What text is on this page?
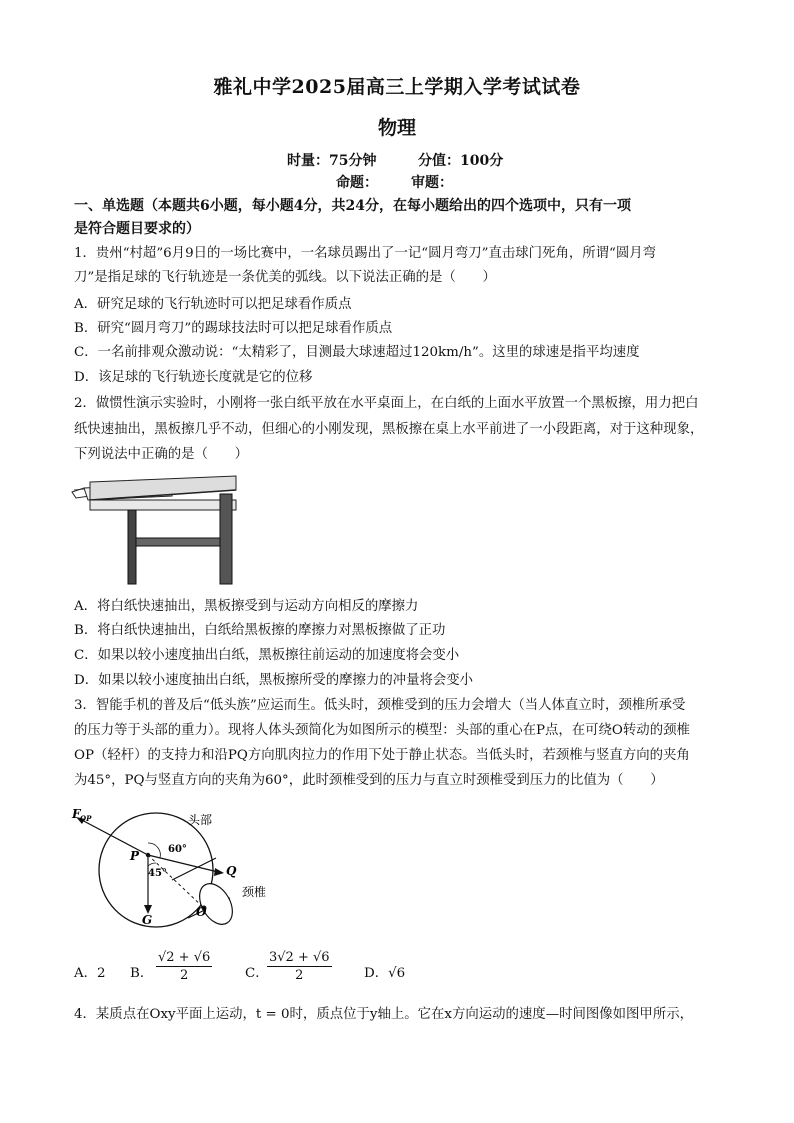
雅礼中学2025届高三上学期入学考试试卷
物理
时量：75分钟	分值：100分
命题： 审题：
一、单选题（本题共6小题，每小题4分，共24分，在每小题给出的四个选项中，只有一项
是符合题目要求的）
1．贵州“村超”6月9日的一场比赛中，一名球员踢出了一记“圆月弯刀”直击球门死角，所谓“圆月弯
刀”是指足球的飞行轨迹是一条优美的弧线。以下说法正确的是（　　）
A．研究足球的飞行轨迹时可以把足球看作质点
B．研究“圆月弯刀”的踢球技法时可以把足球看作质点
C．一名前排观众激动说：“太精彩了，目测最大球速超过120km/h”。这里的球速是指平均速度
D．该足球的飞行轨迹长度就是它的位移
2．做惯性演示实验时，小刚将一张白纸平放在水平桌面上，在白纸的上面水平放置一个黑板擦，用力把白
纸快速抽出，黑板擦几乎不动，但细心的小刚发现，黑板擦在桌上水平前进了一小段距离，对于这种现象，
下列说法中正确的是（　　）
A．将白纸快速抽出，黑板擦受到与运动方向相反的摩擦力
B．将白纸快速抽出，白纸给黑板擦的摩擦力对黑板擦做了正功
C．如果以较小速度抽出白纸，黑板擦往前运动的加速度将会变小
D．如果以较小速度抽出白纸，黑板擦所受的摩擦力的冲量将会变小
3．智能手机的普及后“低头族”应运而生。低头时，颈椎受到的压力会增大（当人体直立时，颈椎所承受
的压力等于头部的重力）。现将人体头颈简化为如图所示的模型：头部的重心在P点，在可绕O转动的颈椎
OP（轻杆）的支持力和沿PQ方向肌肉拉力的作用下处于静止状态。当低头时，若颈椎与竖直方向的夹角
为45°，PQ与竖直方向的夹角为60°，此时颈椎受到的压力与直立时颈椎受到压力的比值为（　　）
F OP	头部
60°
45°
P
Q
G
O
颈椎
A．2 B． $\frac{√2 + √6}{2}$ C．
$\frac{3√2 + √6}{2}$ D．√6
4．某质点在Oxy平面上运动，t = 0时，质点位于y轴上。它在x方向运动的速度—时间图像如图甲所示，
